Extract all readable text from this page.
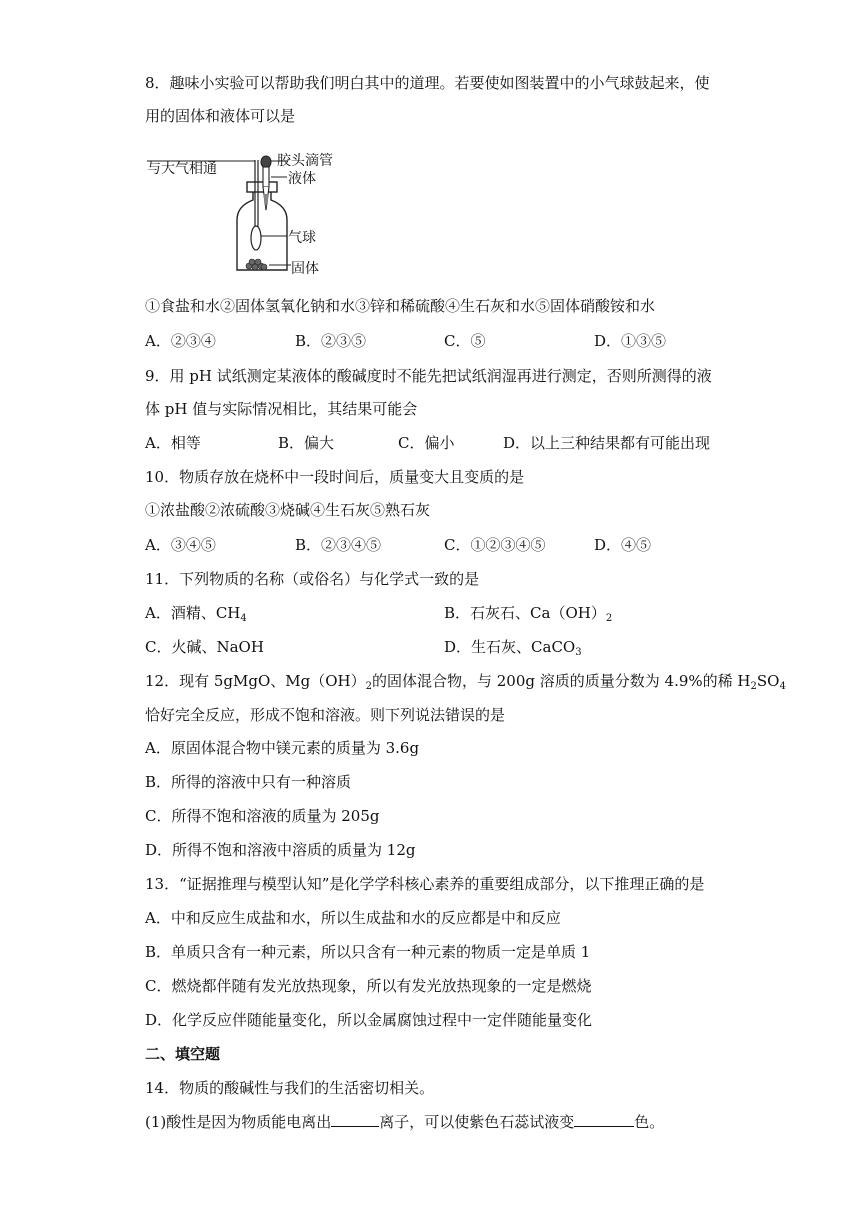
8．趣味小实验可以帮助我们明白其中的道理。若要使如图装置中的小气球鼓起来，使
用的固体和液体可以是
与大气相通	胶头滴管
液体
气球
固体
①食盐和水②固体氢氧化钠和水③锌和稀硫酸④生石灰和水⑤固体硝酸铵和水
A．②③④	B．②③⑤	C．⑤	D．①③⑤
9．用 pH 试纸测定某液体的酸碱度时不能先把试纸润湿再进行测定，否则所测得的液
体 pH 值与实际情况相比，其结果可能会
A．相等	B．偏大	C．偏小	D．以上三种结果都有可能出现
10．物质存放在烧杯中一段时间后，质量变大且变质的是
①浓盐酸②浓硫酸③烧碱④生石灰⑤熟石灰
A．③④⑤	B．②③④⑤	C．①②③④⑤	D．④⑤
11．下列物质的名称（或俗名）与化学式一致的是
A．酒精、$CH_4$	B．石灰石、$Ca(OH)_2$
C．火碱、NaOH	D．生石灰、CaCO$_3$
12．现有 5gMgO、$Mg(OH)_2$的固体混合物，与 200g 溶质的质量分数为 4.9%的稀 $H_2SO_4$
恰好完全反应，形成不饱和溶液。则下列说法错误的是
A．原固体混合物中镁元素的质量为 3.6g
B．所得的溶液中只有一种溶质
C．所得不饱和溶液的质量为 205g
D．所得不饱和溶液中溶质的质量为 12g
13．“证据推理与模型认知”是化学学科核心素养的重要组成部分，以下推理正确的是
A．中和反应生成盐和水，所以生成盐和水的反应都是中和反应
B．单质只含有一种元素，所以只含有一种元素的物质一定是单质 1
C．燃烧都伴随有发光放热现象，所以有发光放热现象的一定是燃烧
D．化学反应伴随能量变化，所以金属腐蚀过程中一定伴随能量变化
二、填空题
14．物质的酸碱性与我们的生活密切相关。
(1)酸性是因为物质能电离出	离子，可以使紫色石蕊试液变	色。
